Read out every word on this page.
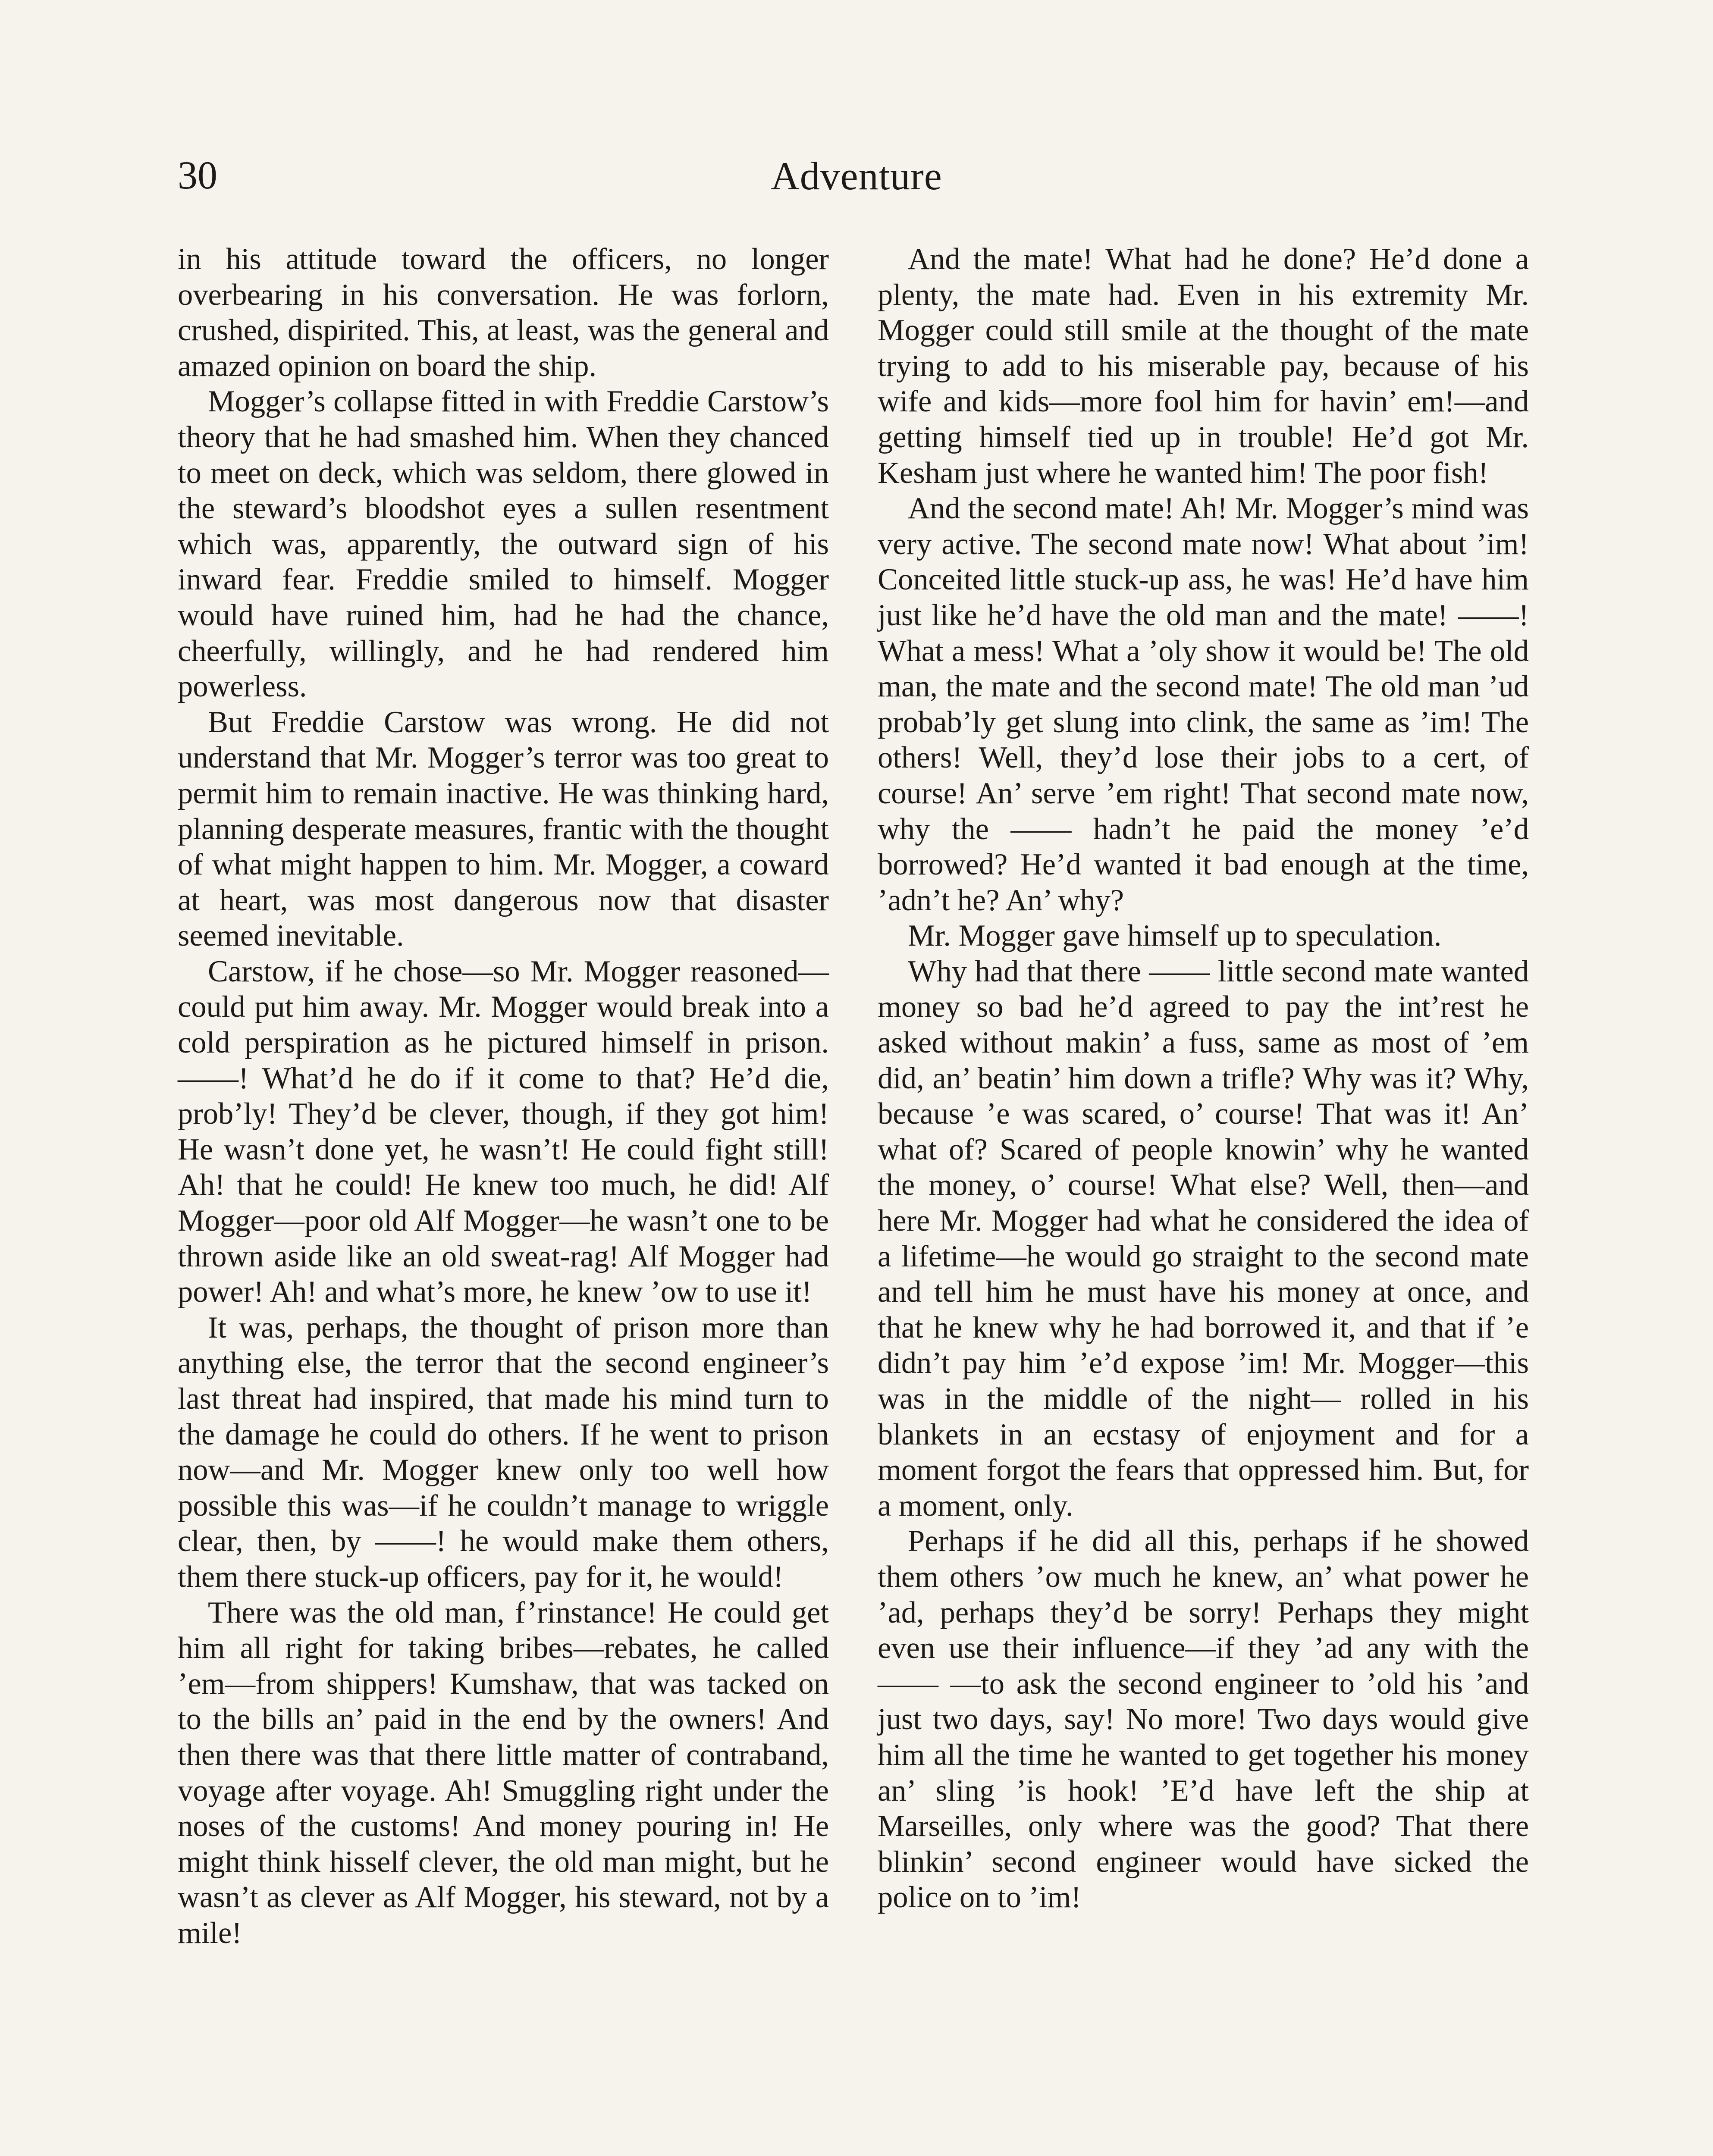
30	Adventure

in his attitude toward the officers, no longer overbearing in his conversation. He was forlorn, crushed, dispirited. This, at least, was the general and amazed opinion on board the ship.

Mogger’s collapse fitted in with Freddie Carstow’s theory that he had smashed him. When they chanced to meet on deck, which was seldom, there glowed in the steward’s bloodshot eyes a sullen resentment which was, apparently, the outward sign of his inward fear. Freddie smiled to himself. Mogger would have ruined him, had he had the chance, cheerfully, willingly, and he had rendered him powerless.

But Freddie Carstow was wrong. He did not understand that Mr. Mogger’s terror was too great to permit him to remain inactive. He was thinking hard, planning desperate measures, frantic with the thought of what might happen to him. Mr. Mogger, a coward at heart, was most dangerous now that disaster seemed inevitable.

Carstow, if he chose—so Mr. Mogger reasoned—could put him away. Mr. Mogger would break into a cold perspiration as he pictured himself in prison. ——! What’d he do if it come to that? He’d die, prob’ly! They’d be clever, though, if they got him! He wasn’t done yet, he wasn’t! He could fight still! Ah! that he could! He knew too much, he did! Alf Mogger—poor old Alf Mogger—he wasn’t one to be thrown aside like an old sweat-rag! Alf Mogger had power! Ah! and what’s more, he knew ’ow to use it!

It was, perhaps, the thought of prison more than anything else, the terror that the second engineer’s last threat had inspired, that made his mind turn to the damage he could do others. If he went to prison now—and Mr. Mogger knew only too well how possible this was—if he couldn’t manage to wriggle clear, then, by ——! he would make them others, them there stuck-up officers, pay for it, he would!

There was the old man, f’rinstance! He could get him all right for taking bribes—rebates, he called ’em—from shippers! Kumshaw, that was tacked on to the bills an’ paid in the end by the owners! And then there was that there little matter of contraband, voyage after voyage. Ah! Smuggling right under the noses of the customs! And money pouring in! He might think hisself clever, the old man might, but he wasn’t as clever as Alf Mogger, his steward, not by a mile!

And the mate! What had he done? He’d done a plenty, the mate had. Even in his extremity Mr. Mogger could still smile at the thought of the mate trying to add to his miserable pay, because of his wife and kids—more fool him for havin’ em!—and getting himself tied up in trouble! He’d got Mr. Kesham just where he wanted him! The poor fish!

And the second mate! Ah! Mr. Mogger’s mind was very active. The second mate now! What about ’im! Conceited little stuck-up ass, he was! He’d have him just like he’d have the old man and the mate! ——! What a mess! What a ’oly show it would be! The old man, the mate and the second mate! The old man ’ud probab’ly get slung into clink, the same as ’im! The others! Well, they’d lose their jobs to a cert, of course! An’ serve ’em right! That second mate now, why the —— hadn’t he paid the money ’e’d borrowed? He’d wanted it bad enough at the time, ’adn’t he? An’ why?

Mr. Mogger gave himself up to speculation.

Why had that there —— little second mate wanted money so bad he’d agreed to pay the int’rest he asked without makin’ a fuss, same as most of ’em did, an’ beatin’ him down a trifle? Why was it? Why, because ’e was scared, o’ course! That was it! An’ what of? Scared of people knowin’ why he wanted the money, o’ course! What else? Well, then—and here Mr. Mogger had what he considered the idea of a lifetime—he would go straight to the second mate and tell him he must have his money at once, and that he knew why he had borrowed it, and that if ’e didn’t pay him ’e’d expose ’im! Mr. Mogger—this was in the middle of the night— rolled in his blankets in an ecstasy of enjoyment and for a moment forgot the fears that oppressed him. But, for a moment, only.

Perhaps if he did all this, perhaps if he showed them others ’ow much he knew, an’ what power he ’ad, perhaps they’d be sorry! Perhaps they might even use their influence—if they ’ad any with the —— —to ask the second engineer to ’old his ’and just two days, say! No more! Two days would give him all the time he wanted to get together his money an’ sling ’is hook! ’E’d have left the ship at Marseilles, only where was the good? That there blinkin’ second engineer would have sicked the police on to ’im!
